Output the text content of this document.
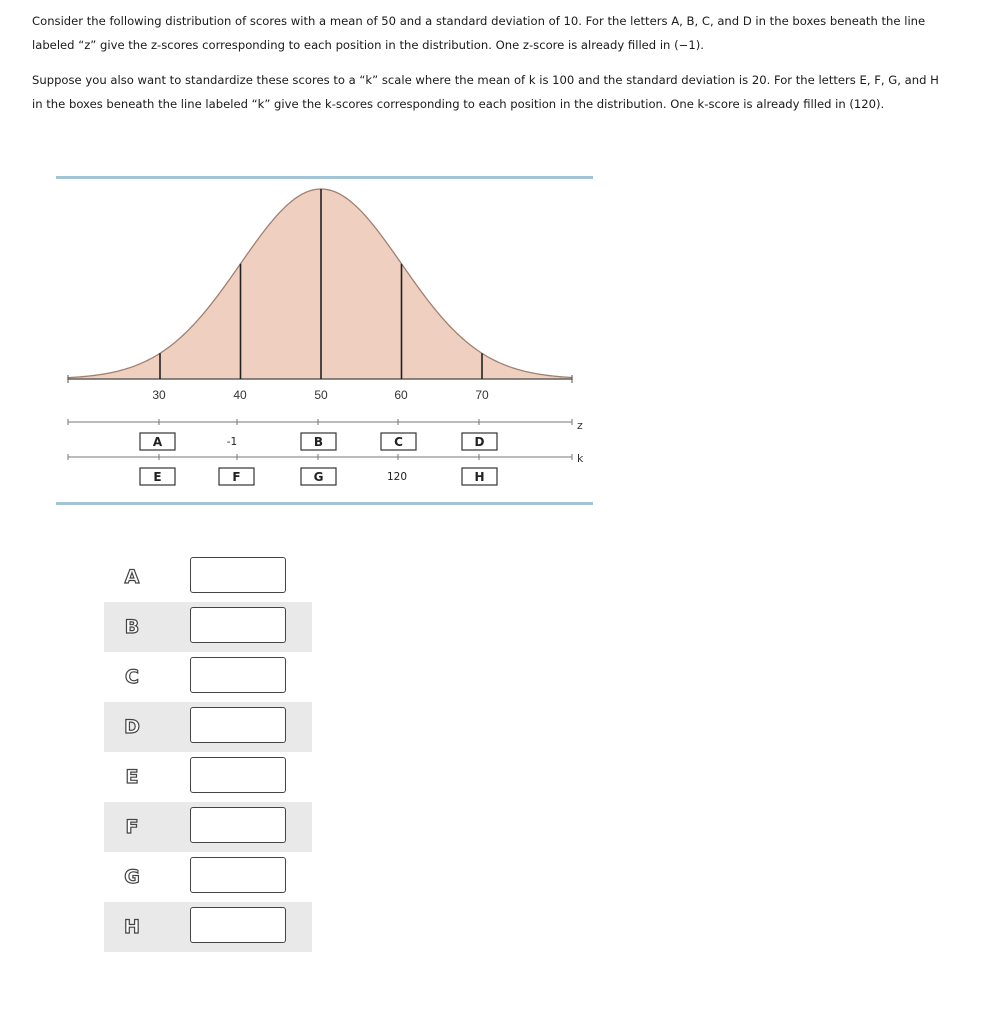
Consider the following distribution of scores with a mean of 50 and a standard deviation of 10. For the letters A, B, C, and D in the boxes beneath the line labeled “z” give the z-scores corresponding to each position in the distribution. One z-score is already filled in (−1).

Suppose you also want to standardize these scores to a “k” scale where the mean of k is 100 and the standard deviation is 20. For the letters E, F, G, and H in the boxes beneath the line labeled “k” give the k-scores corresponding to each position in the distribution. One k-score is already filled in (120).

30	40	50	60	70
z
k
A	-1	B	C	D
E	F	G	120	H
A
B
C
D
E
F
G
H
